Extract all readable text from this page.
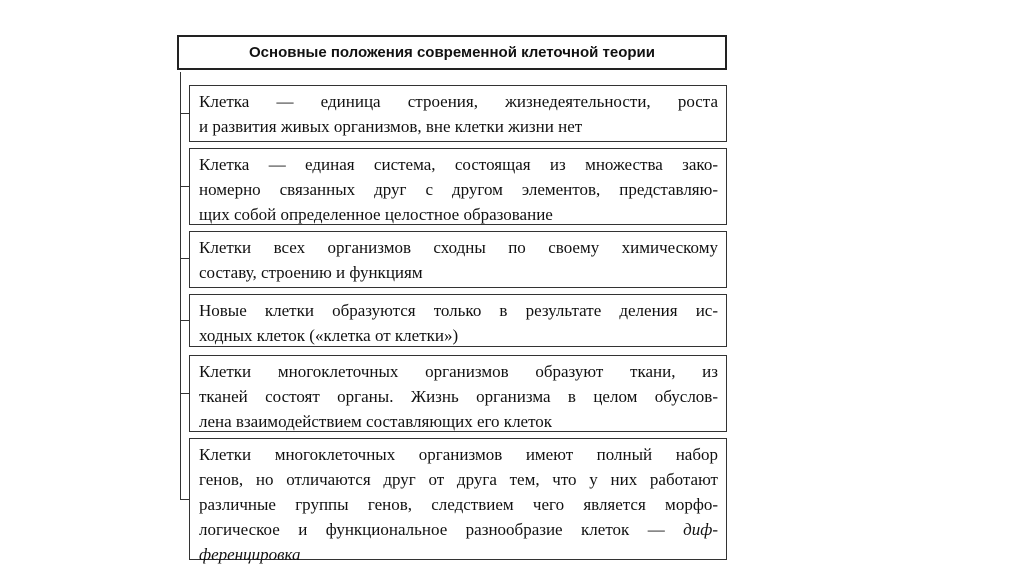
Основные положения современной клеточной теории
Клетка — единица строения, жизнедеятельности, роста
и развития живых организмов, вне клетки жизни нет
Клетка — единая система, состоящая из множества зако-
номерно связанных друг с другом элементов, представляю-
щих собой определенное целостное образование
Клетки всех организмов сходны по своему химическому
составу, строению и функциям
Новые клетки образуются только в результате деления ис-
ходных клеток («клетка от клетки»)
Клетки многоклеточных организмов образуют ткани, из
тканей состоят органы. Жизнь организма в целом обуслов-
лена взаимодействием составляющих его клеток
Клетки многоклеточных организмов имеют полный набор
генов, но отличаются друг от друга тем, что у них работают
различные группы генов, следствием чего является морфо-
логическое и функциональное разнообразие клеток — диф-
ференцировка
